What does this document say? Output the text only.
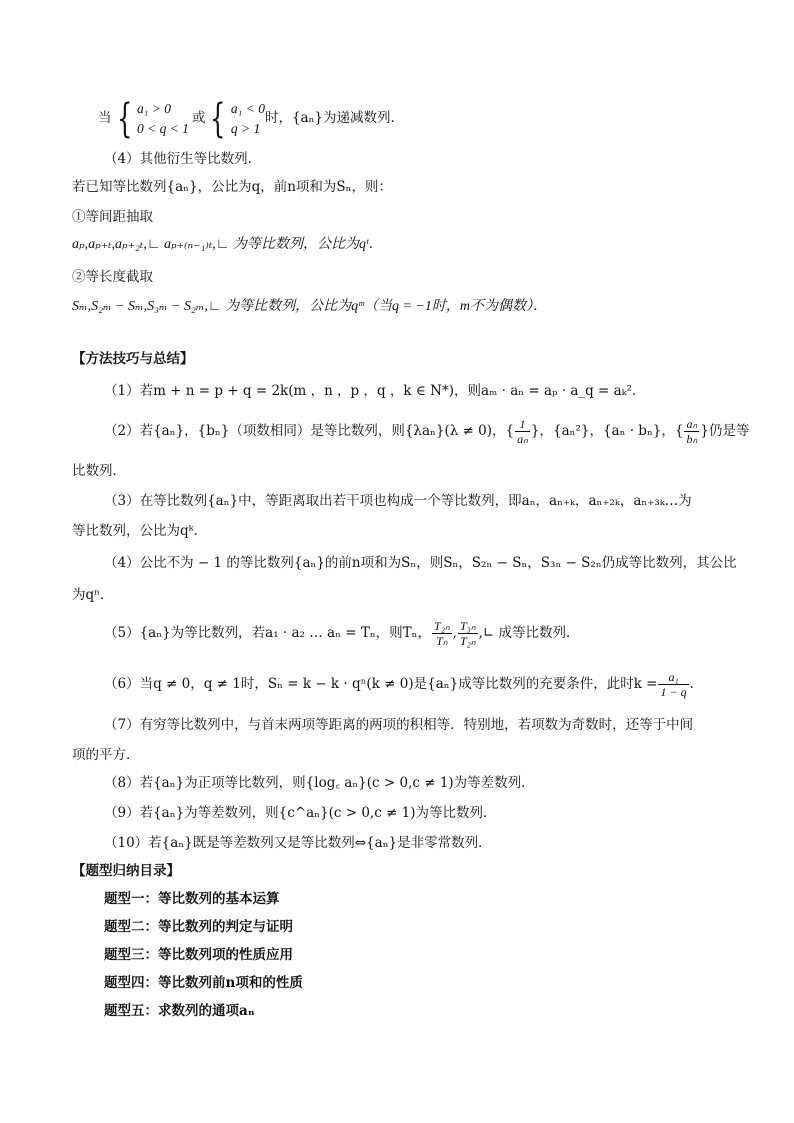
当 { a₁ > 0
0 < q < 1
或 { a₁ < 0
q > 1
时，{aₙ}为递减数列．
（4）其他衍生等比数列．
若已知等比数列{aₙ}，公比为q，前n项和为Sₙ，则：
①等间距抽取
aₚ,aₚ₊ₜ,aₚ₊₂ₜ,∟ aₚ₊₍ₙ₋₁₎ₜ,∟ 为等比数列，公比为qᵗ．
②等长度截取
Sₘ,S₂ₘ − Sₘ,S₃ₘ − S₂ₘ,∟ 为等比数列，公比为qᵐ（当q = −1时，m不为偶数）．
【方法技巧与总结】
（1）若m + n = p + q = 2k(m ，n ，p ，q ，k ∈ N*)，则aₘ · aₙ = aₚ · a_q = aₖ²．
（2）若{aₙ}，{bₙ}（项数相同）是等比数列，则{λaₙ}(λ ≠ 0)，{ $\frac{1}{\text{aₙ}}$ }，{aₙ²}，{aₙ · bₙ}，{ $\frac{\text{aₙ}}{\text{bₙ}}$ }仍是等
比数列．
（3）在等比数列{aₙ}中，等距离取出若干项也构成一个等比数列，即aₙ，aₙ₊ₖ，aₙ₊₂ₖ，aₙ₊₃ₖ…为
等比数列，公比为qᵏ．
（4）公比不为 − 1 的等比数列{aₙ}的前n项和为Sₙ，则Sₙ，S₂ₙ − Sₙ，S₃ₙ − S₂ₙ仍成等比数列，其公比
为qⁿ．
（5）{aₙ}为等比数列，若a₁ · a₂ … aₙ = Tₙ，则Tₙ， $\frac{\text{T₂ₙ}}{\text{Tₙ}}$ , $\frac{\text{T₃ₙ}}{\text{T₂ₙ}}$ ,∟ 成等比数列．
（6）当q ≠ 0，q ≠ 1时，Sₙ = k − k · qⁿ(k ≠ 0)是{aₙ}成等比数列的充要条件，此时$k = \frac{\text{a₁}}{1 - q}$ ．
（7）有穷等比数列中，与首末两项等距离的两项的积相等．特别地，若项数为奇数时，还等于中间
项的平方．
（8）若{aₙ}为正项等比数列，则{log꜀ aₙ}(c > 0,c ≠ 1)为等差数列．
（9）若{aₙ}为等差数列，则{c^aₙ}(c > 0,c ≠ 1)为等比数列．
（10）若{aₙ}既是等差数列又是等比数列⇔{aₙ}是非零常数列．
【题型归纳目录】
题型一：等比数列的基本运算
题型二：等比数列的判定与证明
题型三：等比数列项的性质应用
题型四：等比数列前n项和的性质
题型五：求数列的通项aₙ
